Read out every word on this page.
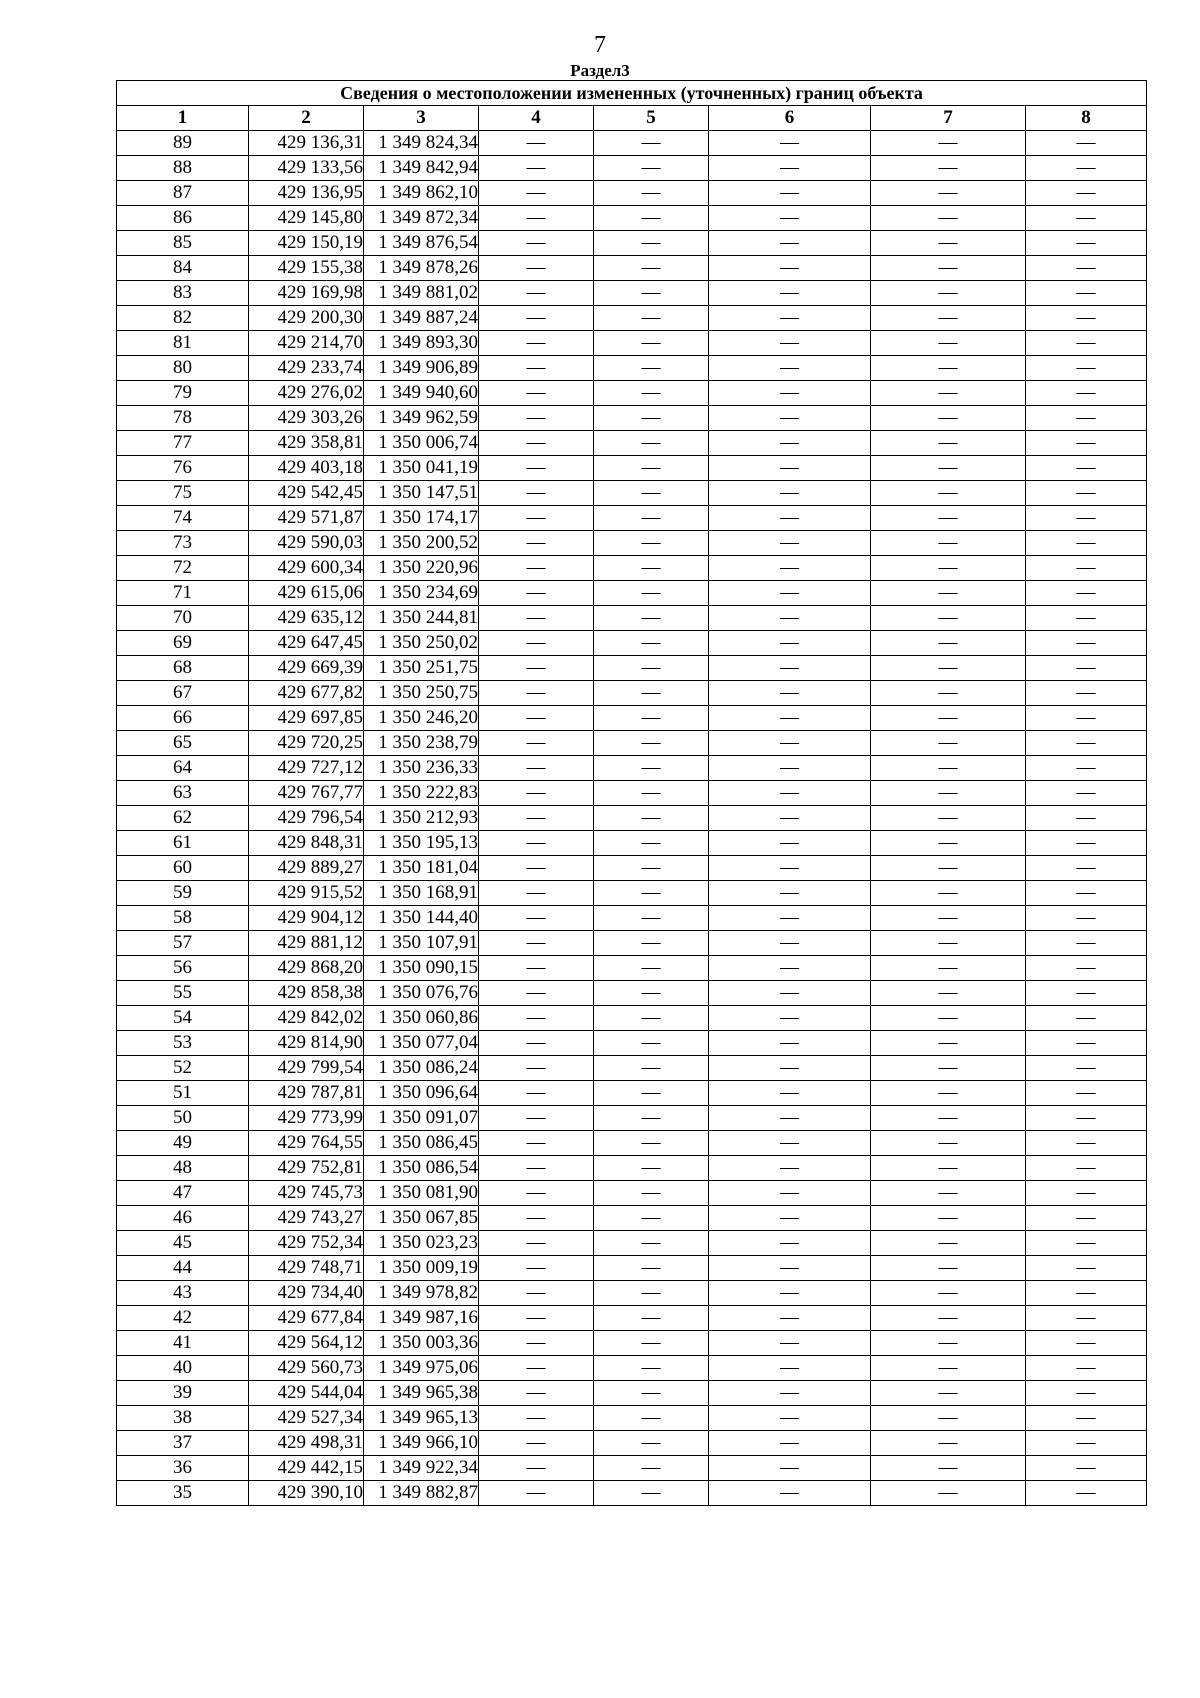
7
Раздел3
Сведения о местоположении измененных (уточненных) границ объекта							
1	2	3	4	5	6	7	8
89	429 136,31	1 349 824,34	—	—	—	—	—
88	429 133,56	1 349 842,94	—	—	—	—	—
87	429 136,95	1 349 862,10	—	—	—	—	—
86	429 145,80	1 349 872,34	—	—	—	—	—
85	429 150,19	1 349 876,54	—	—	—	—	—
84	429 155,38	1 349 878,26	—	—	—	—	—
83	429 169,98	1 349 881,02	—	—	—	—	—
82	429 200,30	1 349 887,24	—	—	—	—	—
81	429 214,70	1 349 893,30	—	—	—	—	—
80	429 233,74	1 349 906,89	—	—	—	—	—
79	429 276,02	1 349 940,60	—	—	—	—	—
78	429 303,26	1 349 962,59	—	—	—	—	—
77	429 358,81	1 350 006,74	—	—	—	—	—
76	429 403,18	1 350 041,19	—	—	—	—	—
75	429 542,45	1 350 147,51	—	—	—	—	—
74	429 571,87	1 350 174,17	—	—	—	—	—
73	429 590,03	1 350 200,52	—	—	—	—	—
72	429 600,34	1 350 220,96	—	—	—	—	—
71	429 615,06	1 350 234,69	—	—	—	—	—
70	429 635,12	1 350 244,81	—	—	—	—	—
69	429 647,45	1 350 250,02	—	—	—	—	—
68	429 669,39	1 350 251,75	—	—	—	—	—
67	429 677,82	1 350 250,75	—	—	—	—	—
66	429 697,85	1 350 246,20	—	—	—	—	—
65	429 720,25	1 350 238,79	—	—	—	—	—
64	429 727,12	1 350 236,33	—	—	—	—	—
63	429 767,77	1 350 222,83	—	—	—	—	—
62	429 796,54	1 350 212,93	—	—	—	—	—
61	429 848,31	1 350 195,13	—	—	—	—	—
60	429 889,27	1 350 181,04	—	—	—	—	—
59	429 915,52	1 350 168,91	—	—	—	—	—
58	429 904,12	1 350 144,40	—	—	—	—	—
57	429 881,12	1 350 107,91	—	—	—	—	—
56	429 868,20	1 350 090,15	—	—	—	—	—
55	429 858,38	1 350 076,76	—	—	—	—	—
54	429 842,02	1 350 060,86	—	—	—	—	—
53	429 814,90	1 350 077,04	—	—	—	—	—
52	429 799,54	1 350 086,24	—	—	—	—	—
51	429 787,81	1 350 096,64	—	—	—	—	—
50	429 773,99	1 350 091,07	—	—	—	—	—
49	429 764,55	1 350 086,45	—	—	—	—	—
48	429 752,81	1 350 086,54	—	—	—	—	—
47	429 745,73	1 350 081,90	—	—	—	—	—
46	429 743,27	1 350 067,85	—	—	—	—	—
45	429 752,34	1 350 023,23	—	—	—	—	—
44	429 748,71	1 350 009,19	—	—	—	—	—
43	429 734,40	1 349 978,82	—	—	—	—	—
42	429 677,84	1 349 987,16	—	—	—	—	—
41	429 564,12	1 350 003,36	—	—	—	—	—
40	429 560,73	1 349 975,06	—	—	—	—	—
39	429 544,04	1 349 965,38	—	—	—	—	—
38	429 527,34	1 349 965,13	—	—	—	—	—
37	429 498,31	1 349 966,10	—	—	—	—	—
36	429 442,15	1 349 922,34	—	—	—	—	—
35	429 390,10	1 349 882,87	—	—	—	—	—
